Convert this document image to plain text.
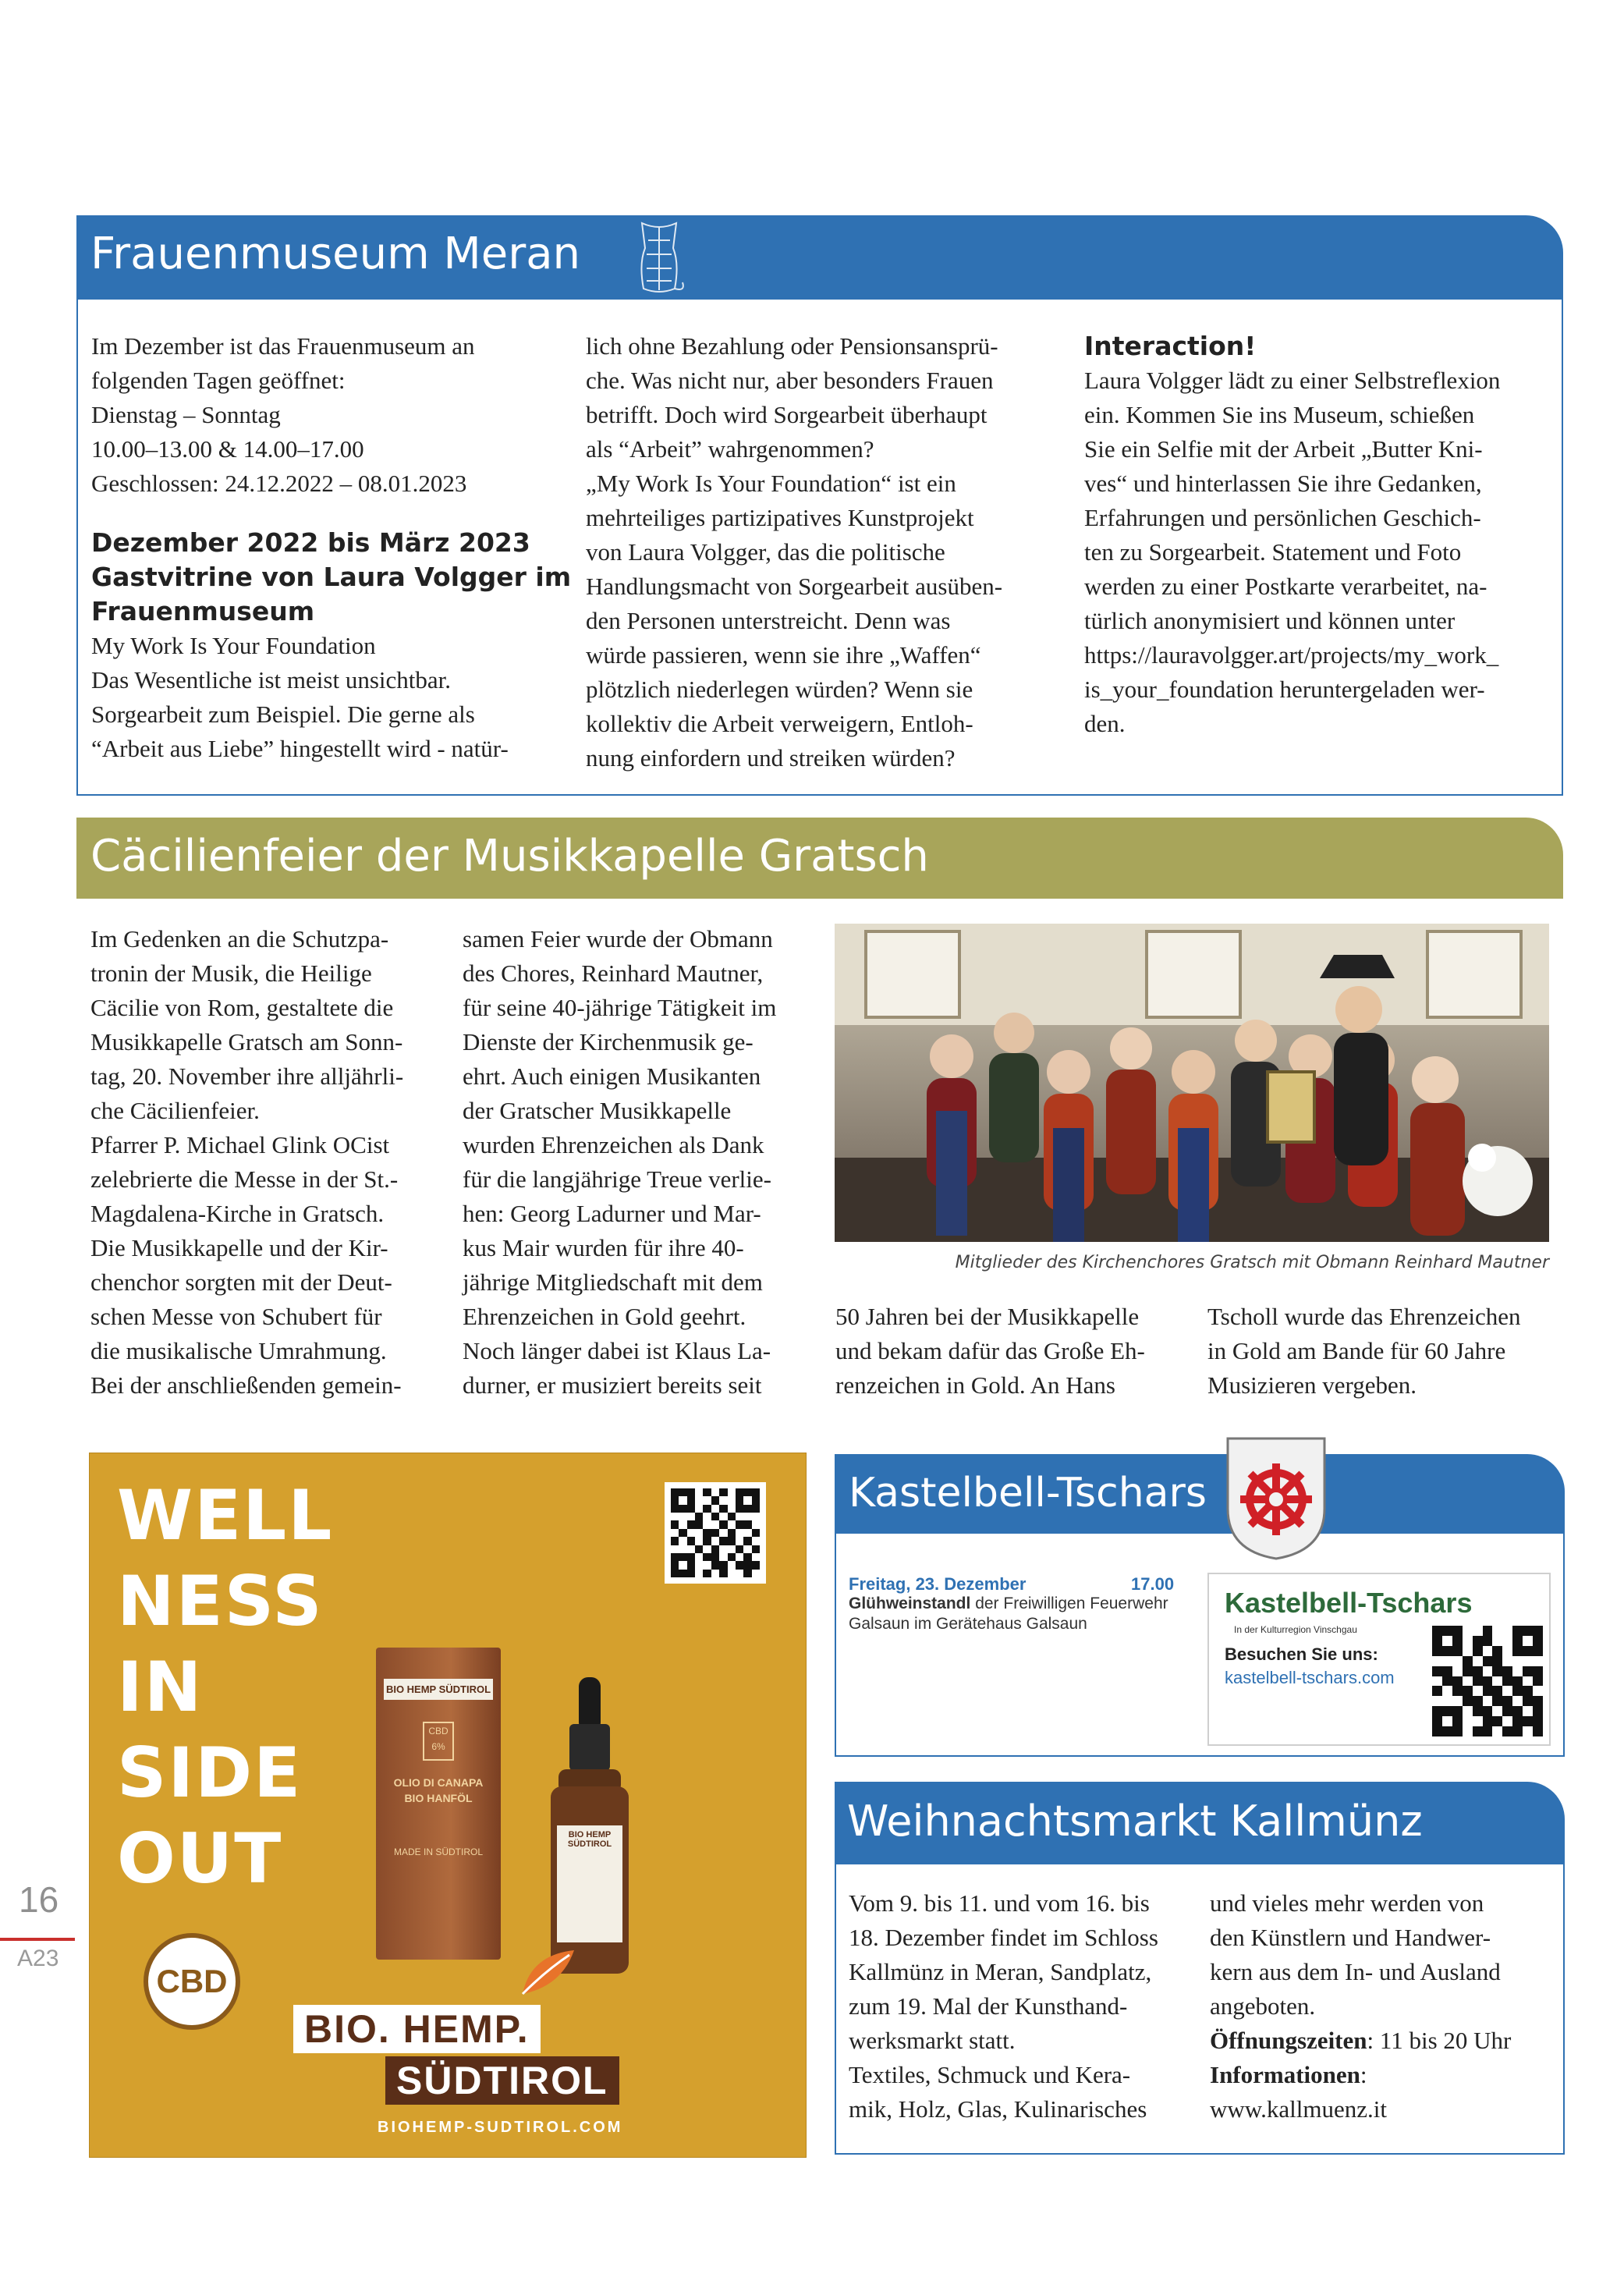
Frauenmuseum Meran
Im Dezember ist das Frauenmuseum an
folgenden Tagen geöffnet:
Dienstag – Sonntag
10.00–13.00 & 14.00–17.00
Geschlossen: 24.12.2022 – 08.01.2023
Dezember 2022 bis März 2023
Gastvitrine von Laura Volgger im
Frauenmuseum
My Work Is Your Foundation
Das Wesentliche ist meist unsichtbar.
Sorgearbeit zum Beispiel. Die gerne als
“Arbeit aus Liebe” hingestellt wird - natür-
lich ohne Bezahlung oder Pensionsansprü-
che. Was nicht nur, aber besonders Frauen
betrifft. Doch wird Sorgearbeit überhaupt
als “Arbeit” wahrgenommen?
„My Work Is Your Foundation“ ist ein
mehrteiliges partizipatives Kunstprojekt
von Laura Volgger, das die politische
Handlungsmacht von Sorgearbeit ausüben-
den Personen unterstreicht. Denn was
würde passieren, wenn sie ihre „Waffen“
plötzlich niederlegen würden? Wenn sie
kollektiv die Arbeit verweigern, Entloh-
nung einfordern und streiken würden?
Interaction!
Laura Volgger lädt zu einer Selbstreflexion
ein. Kommen Sie ins Museum, schießen
Sie ein Selfie mit der Arbeit „Butter Kni-
ves“ und hinterlassen Sie ihre Gedanken,
Erfahrungen und persönlichen Geschich-
ten zu Sorgearbeit. Statement und Foto
werden zu einer Postkarte verarbeitet, na-
türlich anonymisiert und können unter
https://lauravolgger.art/projects/my_work_
is_your_foundation heruntergeladen wer-
den.
Cäcilienfeier der Musikkapelle Gratsch
Im Gedenken an die Schutzpa-
tronin der Musik, die Heilige
Cäcilie von Rom, gestaltete die
Musikkapelle Gratsch am Sonn-
tag, 20. November ihre alljährli-
che Cäcilienfeier.
Pfarrer P. Michael Glink OCist
zelebrierte die Messe in der St.-
Magdalena-Kirche in Gratsch.
Die Musikkapelle und der Kir-
chenchor sorgten mit der Deut-
schen Messe von Schubert für
die musikalische Umrahmung.
Bei der anschließenden gemein-
samen Feier wurde der Obmann
des Chores, Reinhard Mautner,
für seine 40-jährige Tätigkeit im
Dienste der Kirchenmusik ge-
ehrt. Auch einigen Musikanten
der Gratscher Musikkapelle
wurden Ehrenzeichen als Dank
für die langjährige Treue verlie-
hen: Georg Ladurner und Mar-
kus Mair wurden für ihre 40-
jährige Mitgliedschaft mit dem
Ehrenzeichen in Gold geehrt.
Noch länger dabei ist Klaus La-
durner, er musiziert bereits seit
Mitglieder des Kirchenchores Gratsch mit Obmann Reinhard Mautner
50 Jahren bei der Musikkapelle
und bekam dafür das Große Eh-
renzeichen in Gold. An Hans
Tscholl wurde das Ehrenzeichen
in Gold am Bande für 60 Jahre
Musizieren vergeben.
WELL
NESS
IN
SIDE
OUT
CBD
BIO HEMP SÜDTIROL
CBD 6%
OLIO DI CANAPA BIO HANFÖL
MADE IN SÜDTIROL
BIO HEMP SÜDTIROL
BIO. HEMP.
SÜDTIROL
BIOHEMP-SUDTIROL.COM
Kastelbell-Tschars
Freitag, 23. Dezember	17.00
Glühweinstandl der Freiwilligen Feuerwehr
Galsaun im Gerätehaus Galsaun
Kastelbell-Tschars
In der Kulturregion Vinschgau
Besuchen Sie uns:
kastelbell-tschars.com
Weihnachtsmarkt Kallmünz
Vom 9. bis 11. und vom 16. bis
18. Dezember findet im Schloss
Kallmünz in Meran, Sandplatz,
zum 19. Mal der Kunsthand-
werksmarkt statt.
Textiles, Schmuck und Kera-
mik, Holz, Glas, Kulinarisches
und vieles mehr werden von
den Künstlern und Handwer-
kern aus dem In- und Ausland
angeboten.
Öffnungszeiten: 11 bis 20 Uhr
Informationen:
www.kallmuenz.it
16
A23
